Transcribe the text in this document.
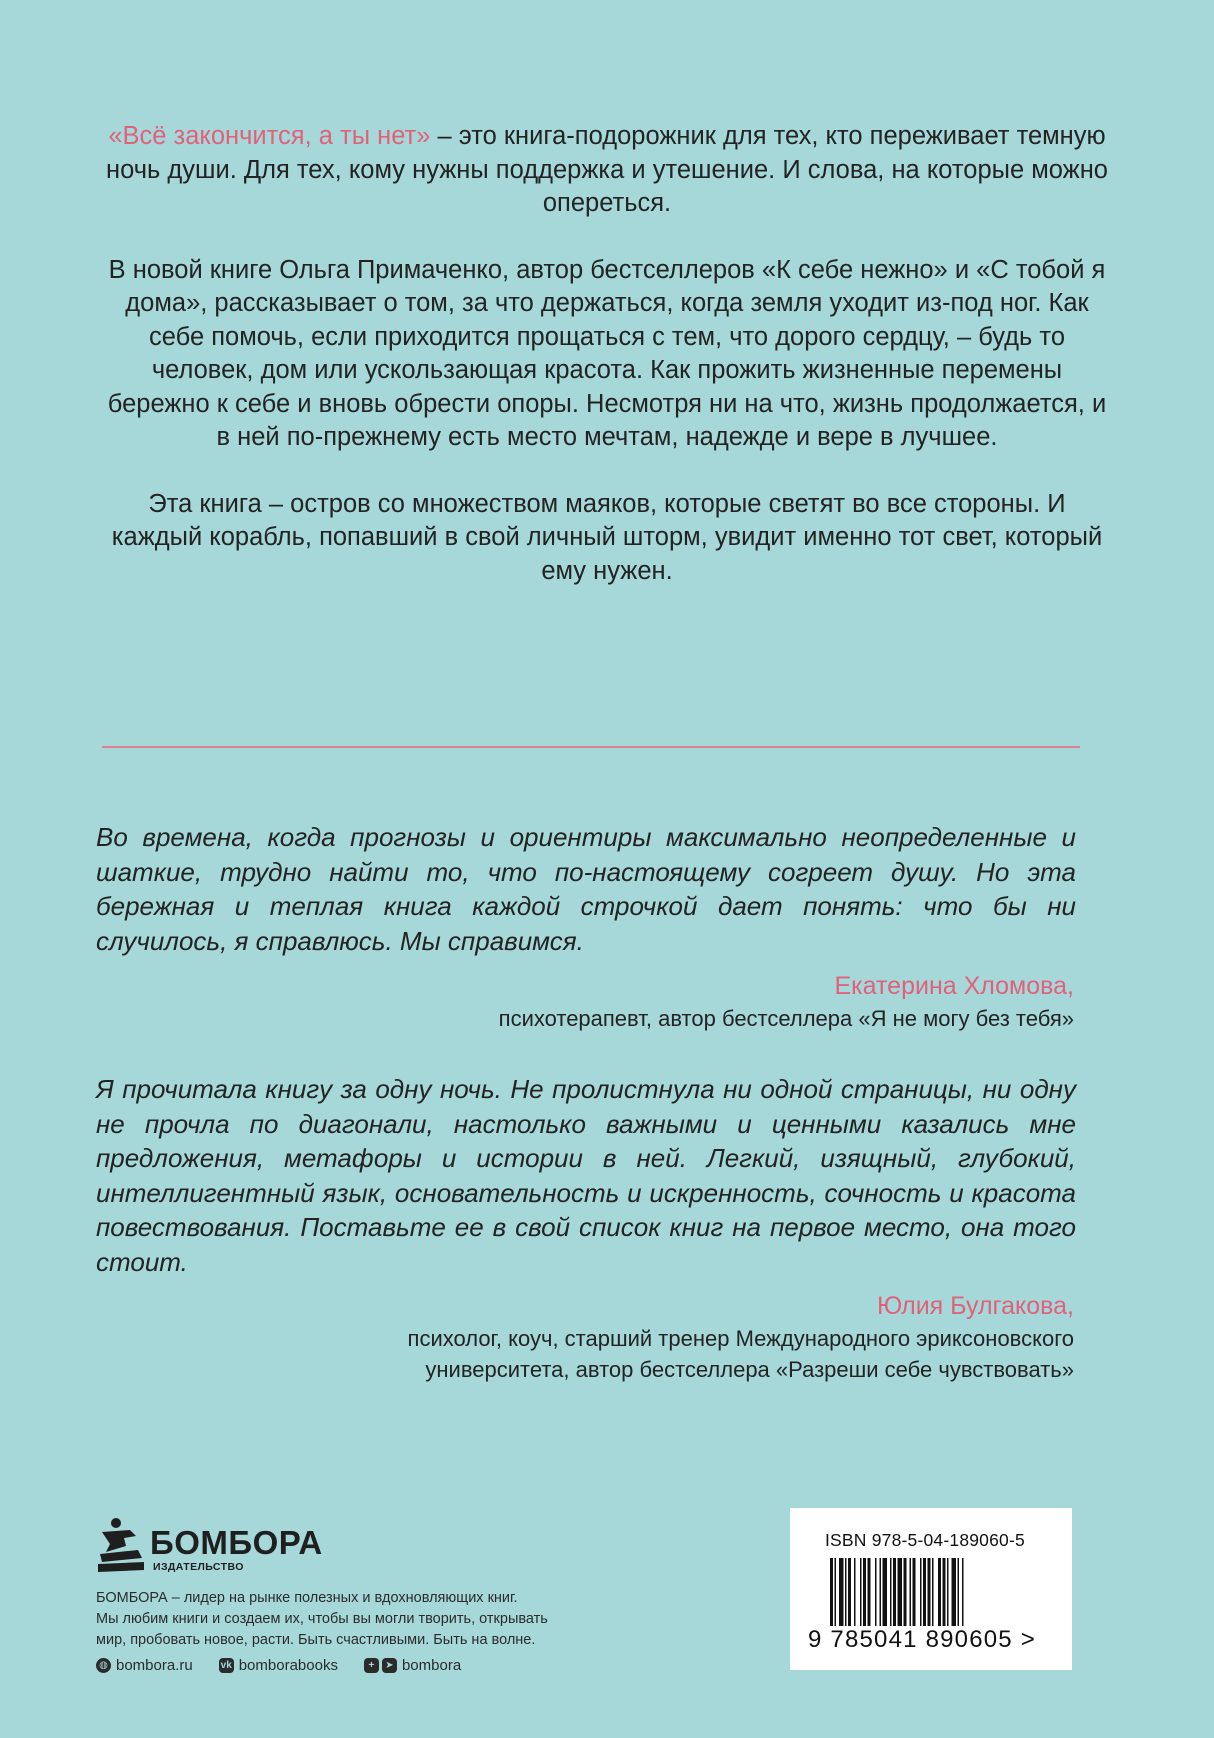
«Всё закончится, а ты нет» – это книга-подорожник для тех, кто переживает темную ночь души. Для тех, кому нужны поддержка и утешение. И слова, на которые можно опереться.

В новой книге Ольга Примаченко, автор бестселлеров «К себе нежно» и «С тобой я дома», рассказывает о том, за что держаться, когда земля уходит из-под ног. Как себе помочь, если приходится прощаться с тем, что дорого сердцу, – будь то человек, дом или ускользающая красота. Как прожить жизненные перемены бережно к себе и вновь обрести опоры. Несмотря ни на что, жизнь продолжается, и в ней по-прежнему есть место мечтам, надежде и вере в лучшее.

Эта книга – остров со множеством маяков, которые светят во все стороны. И каждый корабль, попавший в свой личный шторм, увидит именно тот свет, который ему нужен.

Во времена, когда прогнозы и ориентиры максимально неопределенные и шаткие, трудно найти то, что по-настоящему согреет душу. Но эта бережная и теплая книга каждой строчкой дает понять: что бы ни случилось, я справлюсь. Мы справимся.
Екатерина Хломова,
психотерапевт, автор бестселлера «Я не могу без тебя»
Я прочитала книгу за одну ночь. Не пролистнула ни одной страницы, ни одну не прочла по диагонали, настолько важными и ценными казались мне предложения, метафоры и истории в ней. Легкий, изящный, глубокий, интеллигентный язык, основательность и искренность, сочность и красота повествования. Поставьте ее в свой список книг на первое место, она того стоит.
Юлия Булгакова,
психолог, коуч, старший тренер Международного эриксоновского
университета, автор бестселлера «Разреши себе чувствовать»
БОМБОРА
ИЗДАТЕЛЬСТВО
БОМБОРА – лидер на рынке полезных и вдохновляющих книг.
Мы любим книги и создаем их, чтобы вы могли творить, открывать
мир, пробовать новое, расти. Быть счастливыми. Быть на волне.
◍ bombora.ru	vk bomborabooks	+	➤ bombora
ISBN 978-5-04-189060-5
9 785041 890605 >
